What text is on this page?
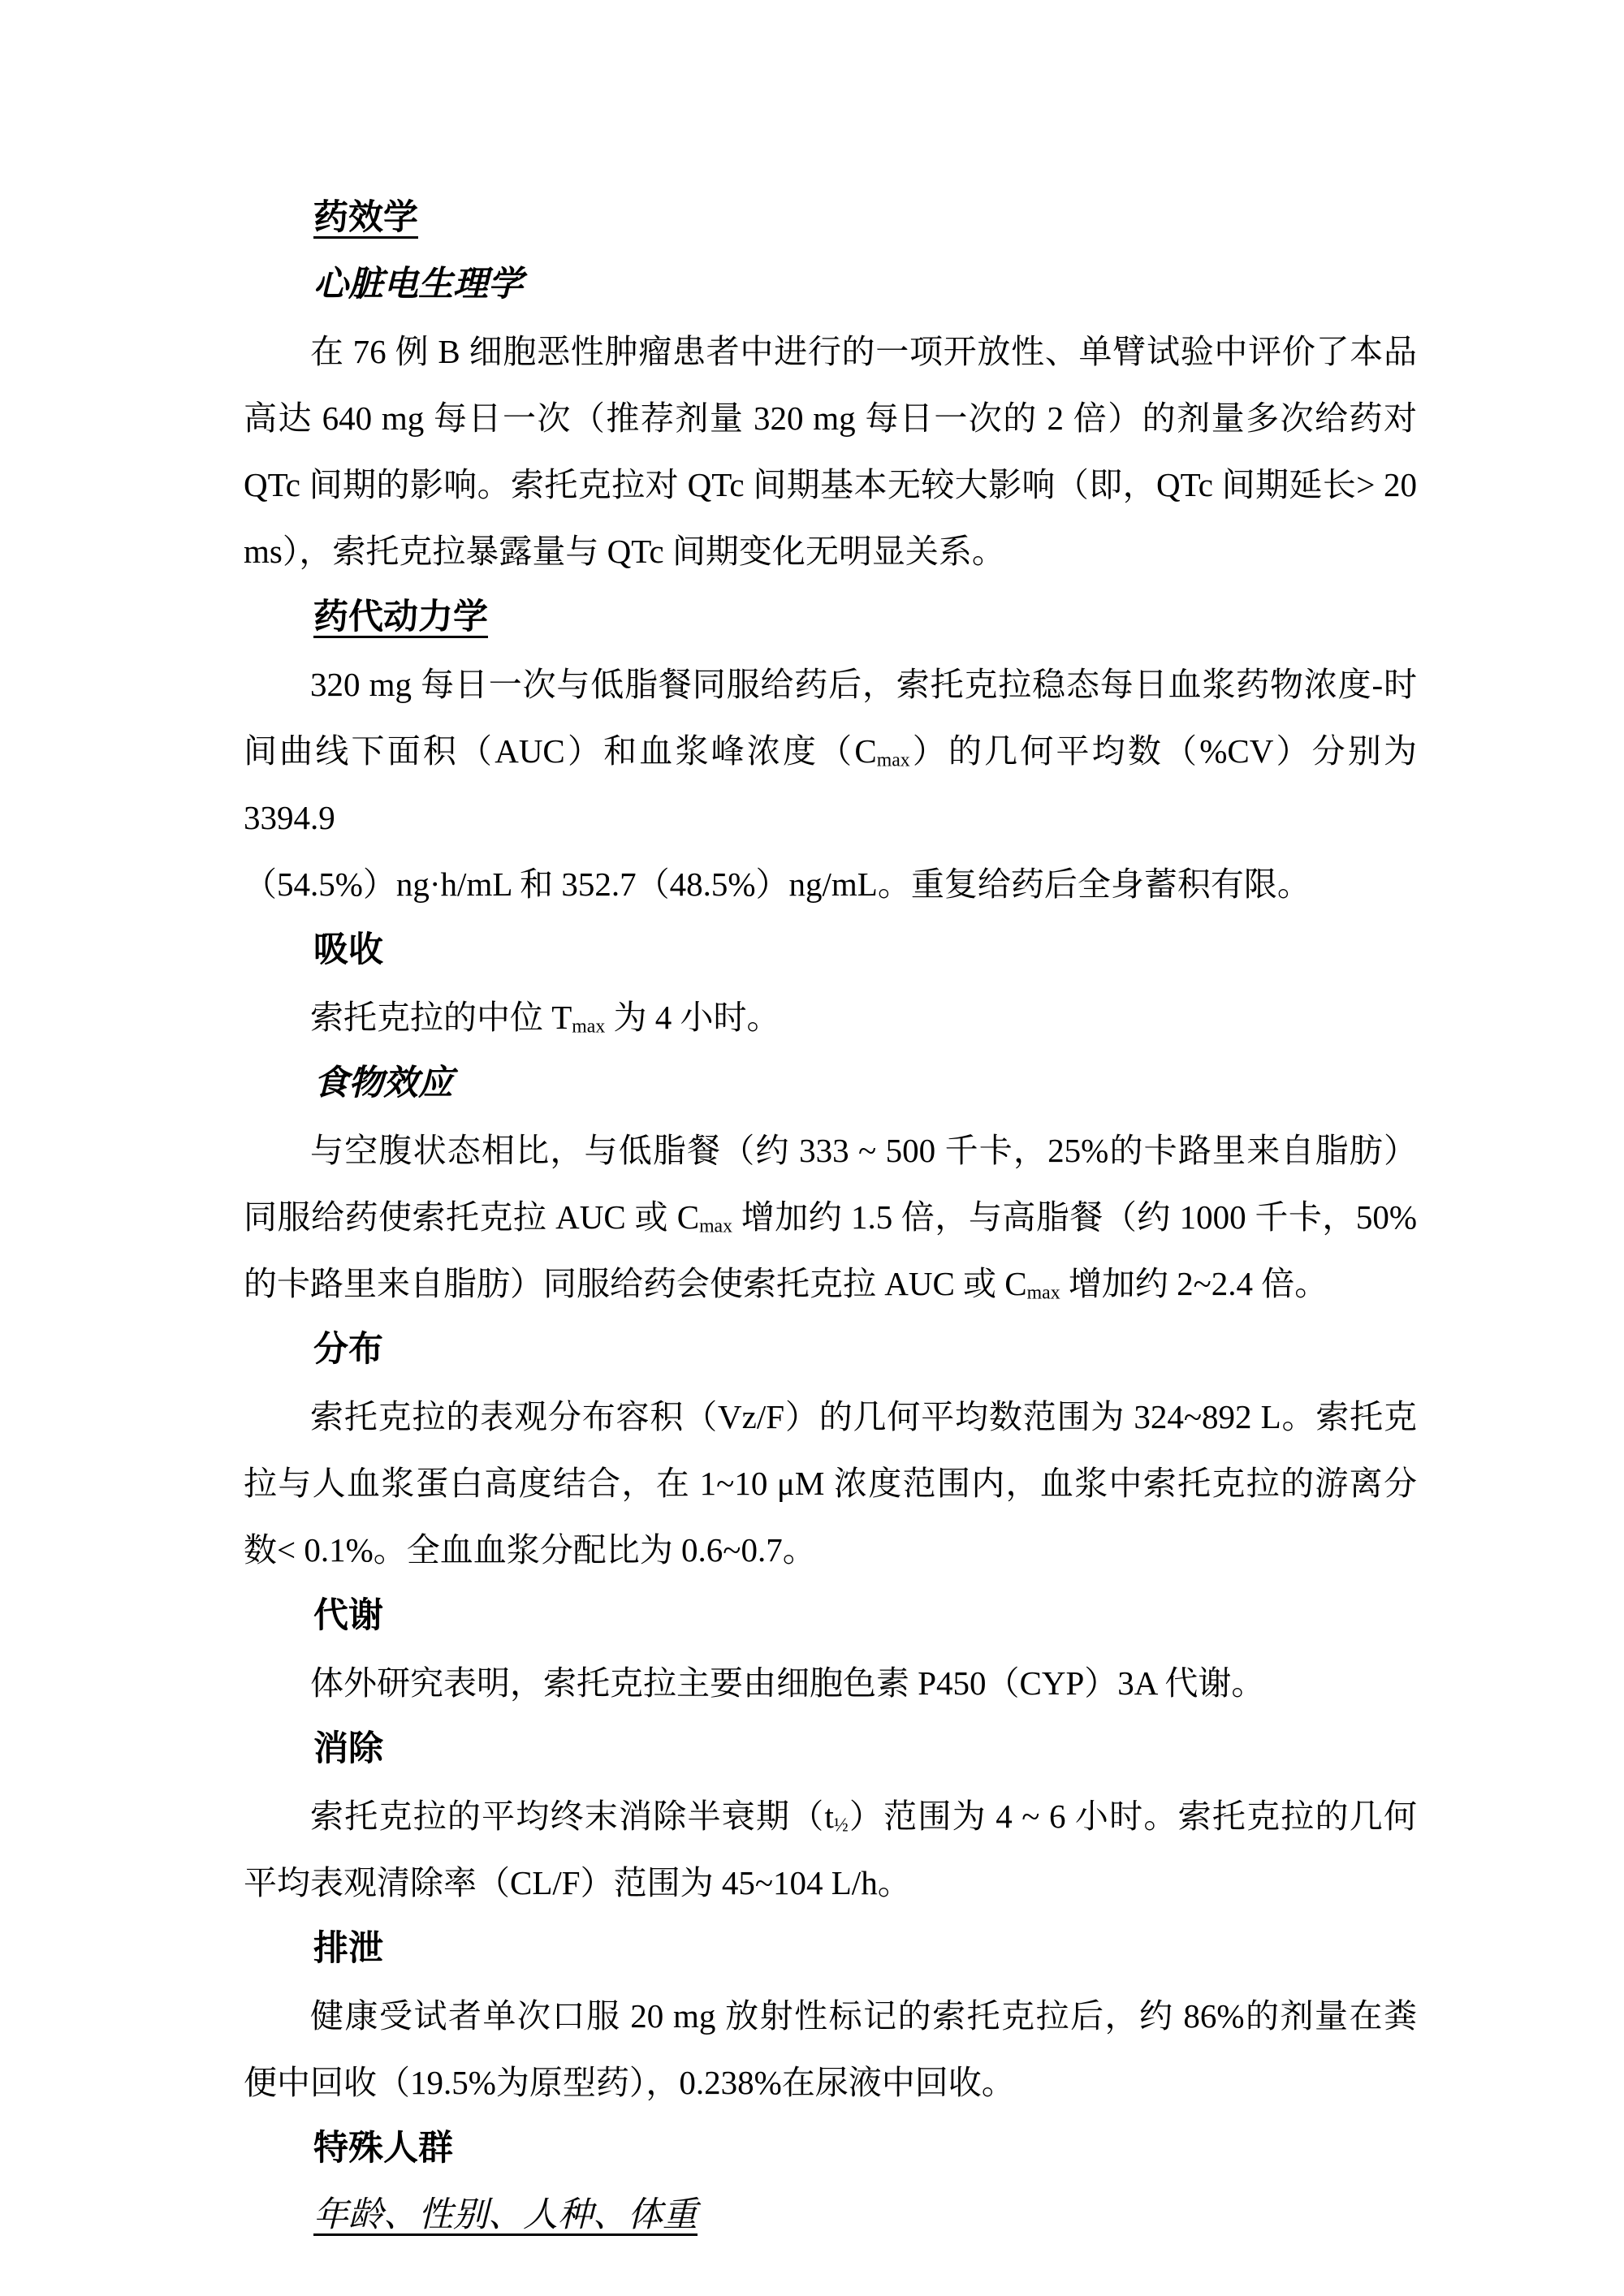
药效学
心脏电生理学
在 76 例 B 细胞恶性肿瘤患者中进行的一项开放性、单臂试验中评价了本品
高达 640 mg 每日一次（推荐剂量 320 mg 每日一次的 2 倍）的剂量多次给药对
QTc 间期的影响。索托克拉对 QTc 间期基本无较大影响（即，QTc 间期延长> 20
ms），索托克拉暴露量与 QTc 间期变化无明显关系。
药代动力学
320 mg 每日一次与低脂餐同服给药后，索托克拉稳态每日血浆药物浓度-时
间曲线下面积（AUC）和血浆峰浓度$(C_{max})$的几何平均数（%CV）分别为 3394.9
（54.5%）ng·h/mL 和 352.7（48.5%）ng/mL。重复给药后全身蓄积有限。
吸收
索托克拉的中位 $T_{max}$ 为 4 小时。
食物效应
与空腹状态相比，与低脂餐（约 333 ~ 500 千卡，25%的卡路里来自脂肪）
同服给药使索托克拉 AUC 或 $C_{max}$ 增加约 1.5 倍，与高脂餐（约 1000 千卡，50%
的卡路里来自脂肪）同服给药会使索托克拉 AUC 或 $C_{max}$ 增加约 2~2.4 倍。
分布
索托克拉的表观分布容积（Vz/F）的几何平均数范围为 324~892 L。索托克
拉与人血浆蛋白高度结合，在 1~10 μM 浓度范围内，血浆中索托克拉的游离分
数< 0.1%。全血血浆分配比为 0.6~0.7。
代谢
体外研究表明，索托克拉主要由细胞色素 P450（CYP）3A 代谢。
消除
索托克拉的平均终末消除半衰期$(t_{\frac{1}{2}})$范围为 4 ~ 6 小时。索托克拉的几何
平均表观清除率（CL/F）范围为 45~104 L/h。
排泄
健康受试者单次口服 20 mg 放射性标记的索托克拉后，约 86%的剂量在粪
便中回收（19.5%为原型药），0.238%在尿液中回收。
特殊人群
年龄、性别、人种、体重
